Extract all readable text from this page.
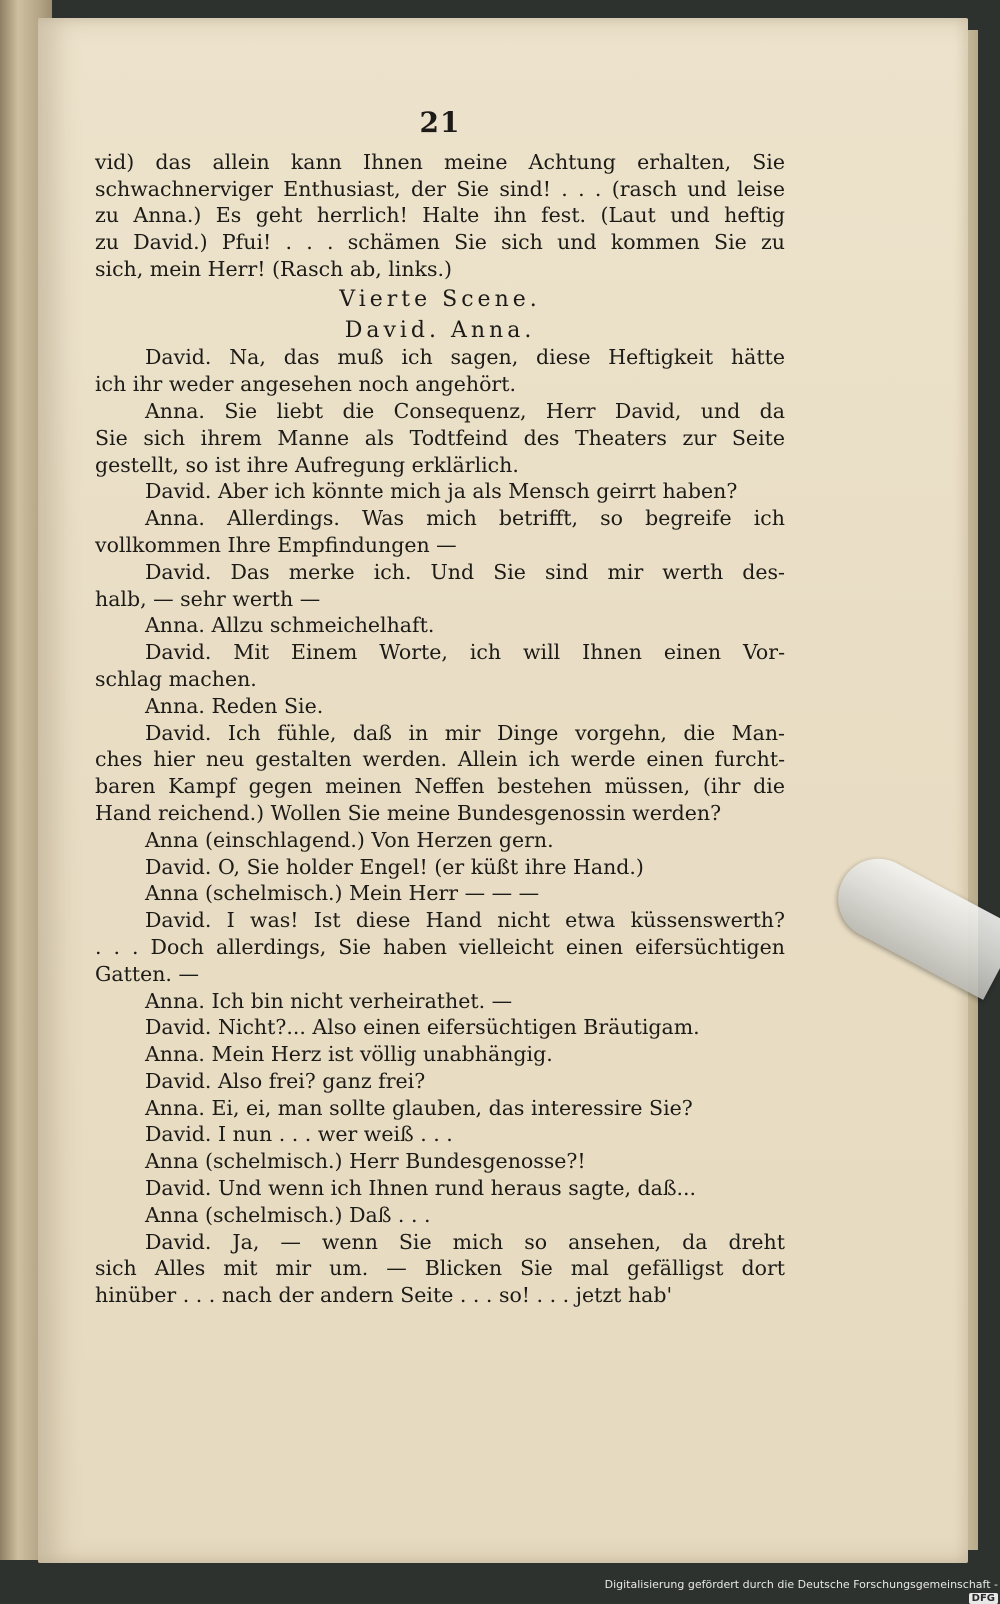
21
vid) das allein kann Ihnen meine Achtung erhalten, Sie
schwachnerviger Enthusiast, der Sie sind! . . . (rasch und leise
zu Anna.) Es geht herrlich! Halte ihn fest. (Laut und heftig
zu David.) Pfui! . . . schämen Sie sich und kommen Sie zu
sich, mein Herr! (Rasch ab, links.)
Vierte Scene.
David. Anna.
David. Na, das muß ich sagen, diese Heftigkeit hätte
ich ihr weder angesehen noch angehört.
Anna. Sie liebt die Consequenz, Herr David, und da
Sie sich ihrem Manne als Todtfeind des Theaters zur Seite
gestellt, so ist ihre Aufregung erklärlich.
David. Aber ich könnte mich ja als Mensch geirrt haben?
Anna. Allerdings. Was mich betrifft, so begreife ich
vollkommen Ihre Empfindungen —
David. Das merke ich. Und Sie sind mir werth des-
halb, — sehr werth —
Anna. Allzu schmeichelhaft.
David. Mit Einem Worte, ich will Ihnen einen Vor-
schlag machen.
Anna. Reden Sie.
David. Ich fühle, daß in mir Dinge vorgehn, die Man-
ches hier neu gestalten werden. Allein ich werde einen furcht-
baren Kampf gegen meinen Neffen bestehen müssen, (ihr die
Hand reichend.) Wollen Sie meine Bundesgenossin werden?
Anna (einschlagend.) Von Herzen gern.
David. O, Sie holder Engel! (er küßt ihre Hand.)
Anna (schelmisch.) Mein Herr — — —
David. I was! Ist diese Hand nicht etwa küssenswerth?
. . . Doch allerdings, Sie haben vielleicht einen eifersüchtigen
Gatten. —
Anna. Ich bin nicht verheirathet. —
David. Nicht?... Also einen eifersüchtigen Bräutigam.
Anna. Mein Herz ist völlig unabhängig.
David. Also frei? ganz frei?
Anna. Ei, ei, man sollte glauben, das interessire Sie?
David. I nun . . . wer weiß . . .
Anna (schelmisch.) Herr Bundesgenosse?!
David. Und wenn ich Ihnen rund heraus sagte, daß...
Anna (schelmisch.) Daß . . .
David. Ja, — wenn Sie mich so ansehen, da dreht
sich Alles mit mir um. — Blicken Sie mal gefälligst dort
hinüber . . . nach der andern Seite . . . so! . . . jetzt hab'
Digitalisierung gefördert durch die Deutsche Forschungsgemeinschaft -DFG
